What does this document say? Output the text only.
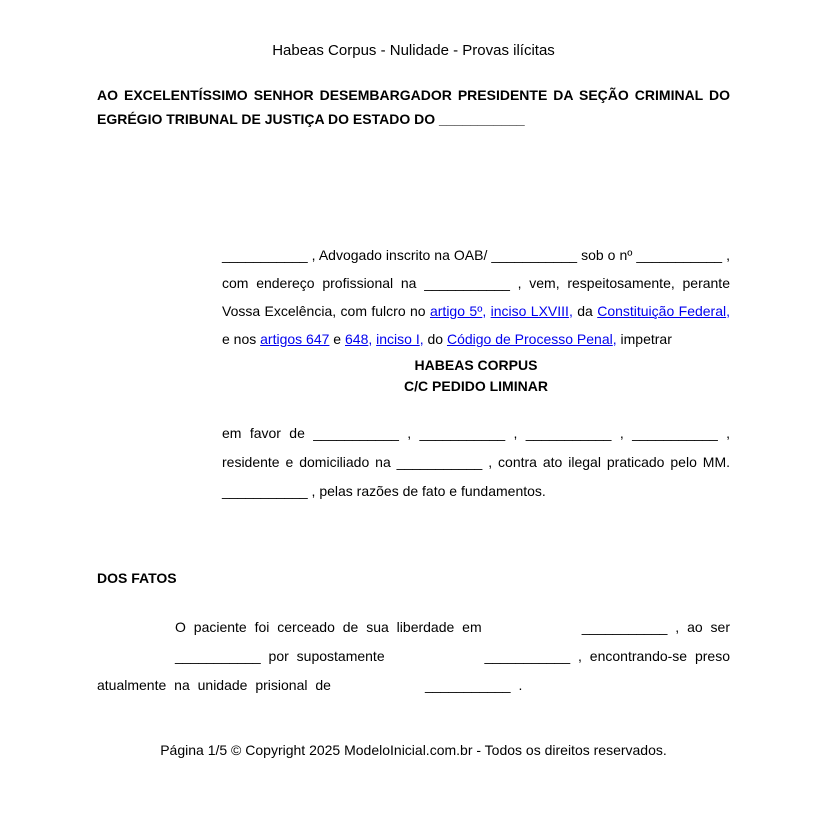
Habeas Corpus - Nulidade - Provas ilícitas

AO EXCELENTÍSSIMO SENHOR DESEMBARGADOR PRESIDENTE DA SEÇÃO CRIMINAL DO EGRÉGIO TRIBUNAL DE JUSTIÇA DO ESTADO DO ___________

___________ , Advogado inscrito na OAB/ ___________ sob o nº ___________ , com endereço profissional na ___________ , vem, respeitosamente, perante Vossa Excelência, com fulcro no artigo 5º, inciso LXVIII, da Constituição Federal, e nos artigos 647 e 648, inciso I, do Código de Processo Penal, impetrar

HABEAS CORPUS
C/C PEDIDO LIMINAR

em favor de ___________ , ___________ , ___________ , ___________ , residente e domiciliado na ___________ , contra ato ilegal praticado pelo MM. ___________ , pelas razões de fato e fundamentos.

DOS FATOS

O paciente foi cerceado de sua liberdade em	___________ , ao ser
___________ por supostamente	___________ , encontrando-se preso
atualmente na unidade prisional de	___________ .

Página 1/5 © Copyright 2025 ModeloInicial.com.br - Todos os direitos reservados.
